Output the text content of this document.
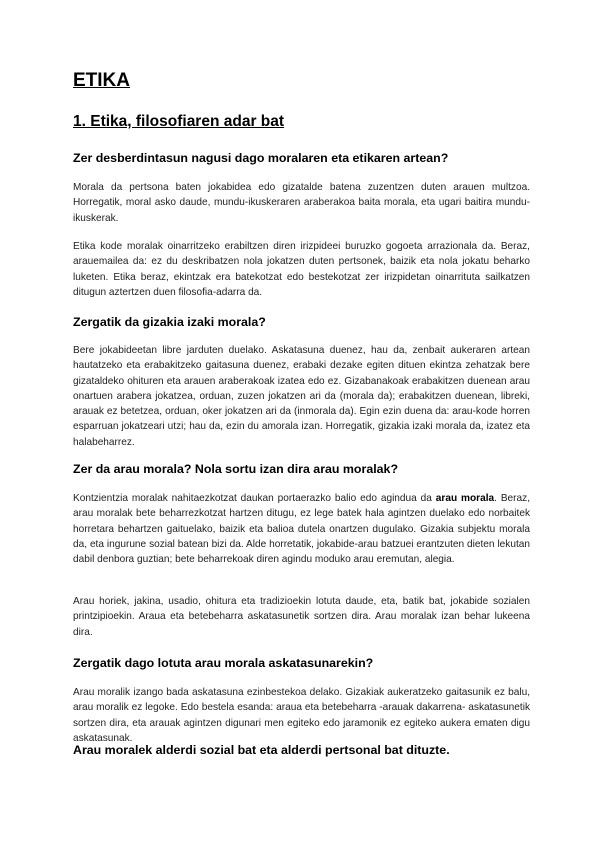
ETIKA
1. Etika, filosofiaren adar bat
Zer desberdintasun nagusi dago moralaren eta etikaren artean?

Morala da pertsona baten jokabidea edo gizatalde batena zuzentzen duten arauen multzoa. Horregatik, moral asko daude, mundu-ikuskeraren araberakoa baita morala, eta ugari baitira mundu-ikuskerak.

Etika kode moralak oinarritzeko erabiltzen diren irizpideei buruzko gogoeta arrazionala da. Beraz, arauemailea da: ez du deskribatzen nola jokatzen duten pertsonek, baizik eta nola jokatu beharko luketen. Etika beraz, ekintzak era batekotzat edo bestekotzat zer irizpidetan oinarrituta sailkatzen ditugun aztertzen duen filosofia-adarra da.

Zergatik da gizakia izaki morala?

Bere jokabideetan libre jarduten duelako. Askatasuna duenez, hau da, zenbait aukeraren artean hautatzeko eta erabakitzeko gaitasuna duenez, erabaki dezake egiten dituen ekintza zehatzak bere gizataldeko ohituren eta arauen araberakoak izatea edo ez. Gizabanakoak erabakitzen duenean arau onartuen arabera jokatzea, orduan, zuzen jokatzen ari da (morala da); erabakitzen duenean, libreki, arauak ez betetzea, orduan, oker jokatzen ari da (inmorala da). Egin ezin duena da: arau-kode horren esparruan jokatzeari utzi; hau da, ezin du amorala izan. Horregatik, gizakia izaki morala da, izatez eta halabeharrez.

Zer da arau morala? Nola sortu izan dira arau moralak?

Kontzientzia moralak nahitaezkotzat daukan portaerazko balio edo agindua da arau morala. Beraz, arau moralak bete beharrezkotzat hartzen ditugu, ez lege batek hala agintzen duelako edo norbaitek horretara behartzen gaituelako, baizik eta balioa dutela onartzen dugulako. Gizakia subjektu morala da, eta ingurune sozial batean bizi da. Alde horretatik, jokabide-arau batzuei erantzuten dieten lekutan dabil denbora guztian; bete beharrekoak diren agindu moduko arau eremutan, alegia.

Arau horiek, jakina, usadio, ohitura eta tradizioekin lotuta daude, eta, batik bat, jokabide sozialen printzipioekin. Araua eta betebeharra askatasunetik sortzen dira. Arau moralak izan behar lukeena dira.

Zergatik dago lotuta arau morala askatasunarekin?

Arau moralik izango bada askatasuna ezinbestekoa delako. Gizakiak aukeratzeko gaitasunik ez balu, arau moralik ez legoke. Edo bestela esanda: araua eta betebeharra -arauak dakarrena- askatasunetik sortzen dira, eta arauak agintzen digunari men egiteko edo jaramonik ez egiteko aukera ematen digu askatasunak.

Arau moralek alderdi sozial bat eta alderdi pertsonal bat dituzte.
